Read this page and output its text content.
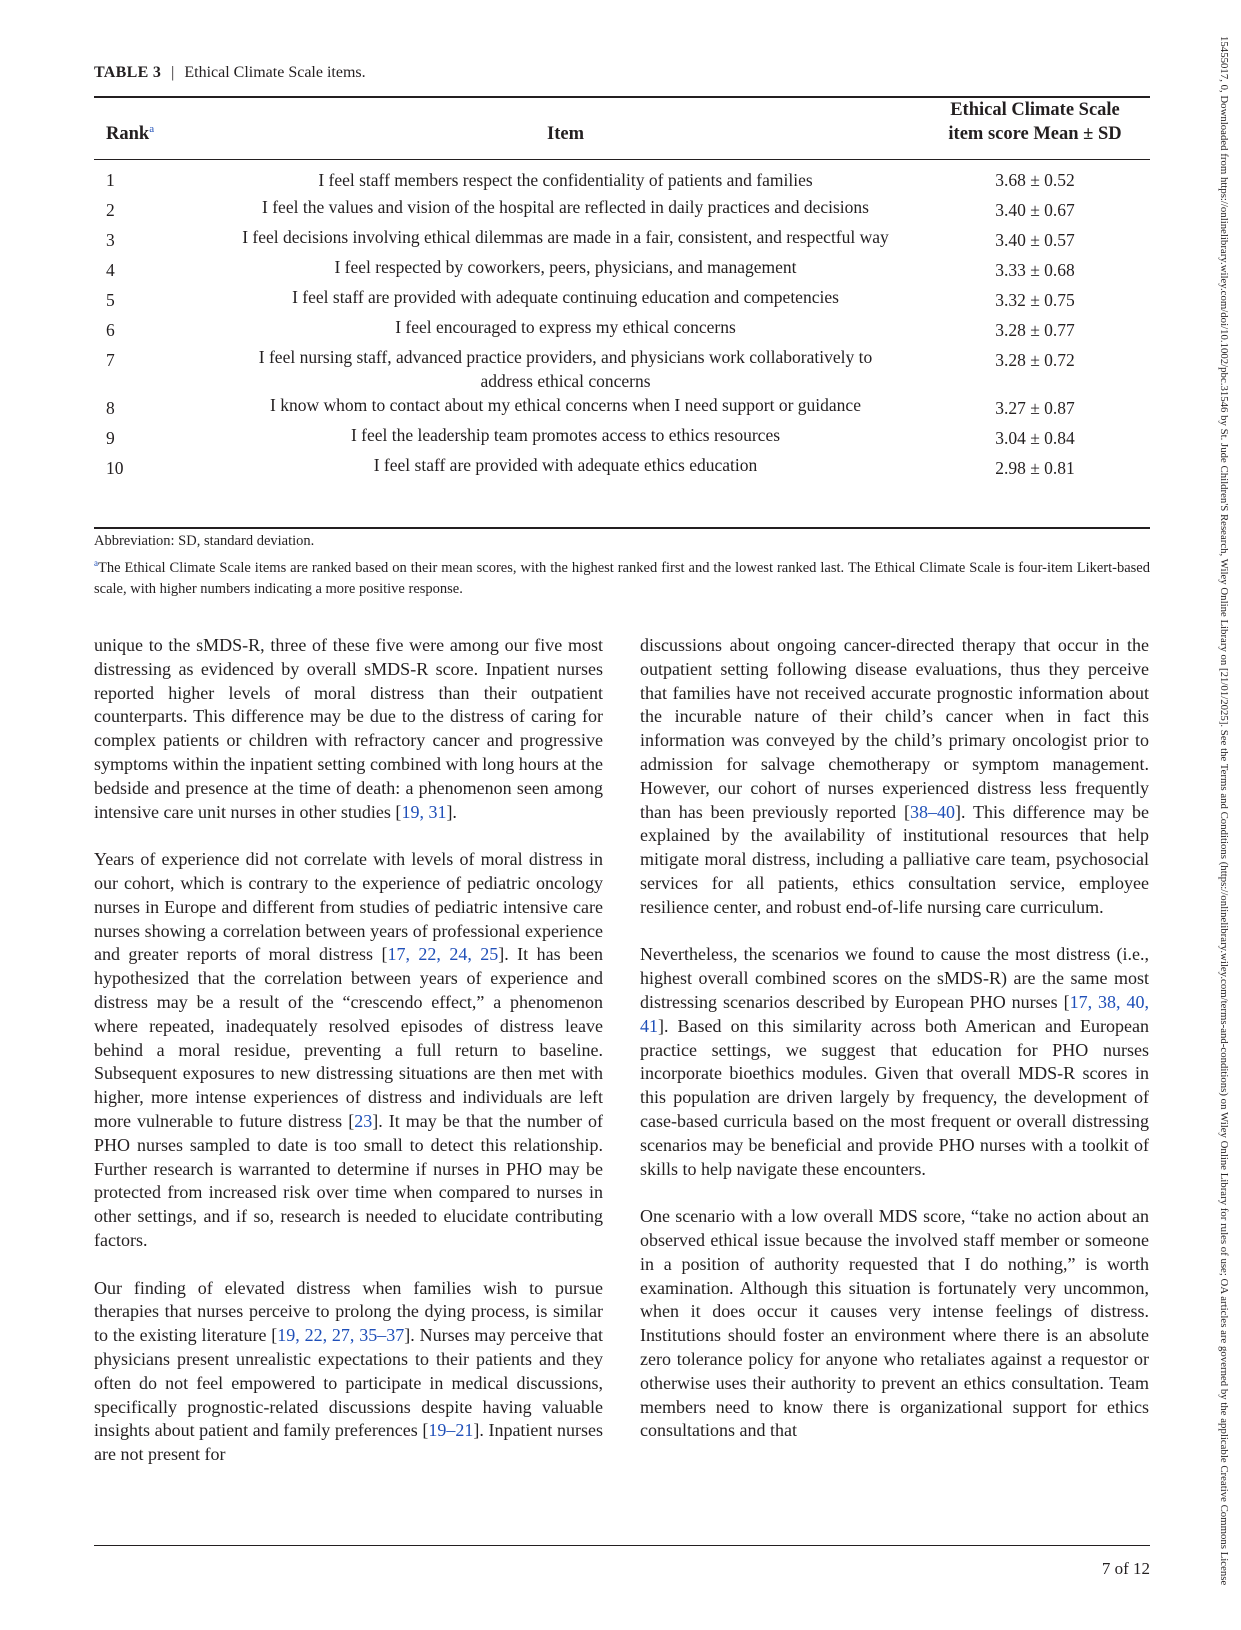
TABLE 3 | Ethical Climate Scale items.
Rank$^a$	Item	Ethical Climate Scale
item score Mean ± SD
1	I feel staff members respect the confidentiality of patients and families	3.68 ± 0.52
2	I feel the values and vision of the hospital are reflected in daily practices and decisions	3.40 ± 0.67
3	I feel decisions involving ethical dilemmas are made in a fair, consistent, and respectful way	3.40 ± 0.57
4	I feel respected by coworkers, peers, physicians, and management	3.33 ± 0.68
5	I feel staff are provided with adequate continuing education and competencies	3.32 ± 0.75
6	I feel encouraged to express my ethical concerns	3.28 ± 0.77
7	I feel nursing staff, advanced practice providers, and physicians work collaboratively to address ethical concerns	3.28 ± 0.72
8	I know whom to contact about my ethical concerns when I need support or guidance	3.27 ± 0.87
9	I feel the leadership team promotes access to ethics resources	3.04 ± 0.84
10	I feel staff are provided with adequate ethics education	2.98 ± 0.81

Abbreviation: SD, standard deviation.

$^a$The Ethical Climate Scale items are ranked based on their mean scores, with the highest ranked first and the lowest ranked last. The Ethical Climate Scale is four-item Likert-based scale, with higher numbers indicating a more positive response.

unique to the sMDS-R, three of these five were among our five most distressing as evidenced by overall sMDS-R score. Inpatient nurses reported higher levels of moral distress than their outpatient counterparts. This difference may be due to the distress of caring for complex patients or children with refractory cancer and progressive symptoms within the inpatient setting combined with long hours at the bedside and presence at the time of death: a phenomenon seen among intensive care unit nurses in other studies [19, 31].

Years of experience did not correlate with levels of moral distress in our cohort, which is contrary to the experience of pediatric oncology nurses in Europe and different from studies of pediatric intensive care nurses showing a correlation between years of professional experience and greater reports of moral distress [17, 22, 24, 25]. It has been hypothesized that the correlation between years of experience and distress may be a result of the “crescendo effect,” a phenomenon where repeated, inadequately resolved episodes of distress leave behind a moral residue, preventing a full return to baseline. Subsequent exposures to new distressing situations are then met with higher, more intense experiences of distress and individuals are left more vulnerable to future distress [23]. It may be that the number of PHO nurses sampled to date is too small to detect this relationship. Further research is warranted to determine if nurses in PHO may be protected from increased risk over time when compared to nurses in other settings, and if so, research is needed to elucidate contributing factors.

Our finding of elevated distress when families wish to pursue therapies that nurses perceive to prolong the dying process, is similar to the existing literature [19, 22, 27, 35–37]. Nurses may perceive that physicians present unrealistic expectations to their patients and they often do not feel empowered to participate in medical discussions, specifically prognostic-related discussions despite having valuable insights about patient and family preferences [19–21]. Inpatient nurses are not present for

discussions about ongoing cancer-directed therapy that occur in the outpatient setting following disease evaluations, thus they perceive that families have not received accurate prognostic information about the incurable nature of their child’s cancer when in fact this information was conveyed by the child’s primary oncologist prior to admission for salvage chemotherapy or symptom management. However, our cohort of nurses experienced distress less frequently than has been previously reported [38–40]. This difference may be explained by the availability of institutional resources that help mitigate moral distress, including a palliative care team, psychosocial services for all patients, ethics consultation service, employee resilience center, and robust end-of-life nursing care curriculum.

Nevertheless, the scenarios we found to cause the most distress (i.e., highest overall combined scores on the sMDS-R) are the same most distressing scenarios described by European PHO nurses [17, 38, 40, 41]. Based on this similarity across both American and European practice settings, we suggest that education for PHO nurses incorporate bioethics modules. Given that overall MDS-R scores in this population are driven largely by frequency, the development of case-based curricula based on the most frequent or overall distressing scenarios may be beneficial and provide PHO nurses with a toolkit of skills to help navigate these encounters.

One scenario with a low overall MDS score, “take no action about an observed ethical issue because the involved staff member or someone in a position of authority requested that I do nothing,” is worth examination. Although this situation is fortunately very uncommon, when it does occur it causes very intense feelings of distress. Institutions should foster an environment where there is an absolute zero tolerance policy for anyone who retaliates against a requestor or otherwise uses their authority to prevent an ethics consultation. Team members need to know there is organizational support for ethics consultations and that

7 of 12	15455017, 0, Downloaded from https://onlinelibrary.wiley.com/doi/10.1002/pbc.31546 by St. Jude Children'S Research, Wiley Online Library on [21/01/2025]. See the Terms and Conditions (https://onlinelibrary.wiley.com/terms-and-conditions) on Wiley Online Library for rules of use; OA articles are governed by the applicable Creative Commons License
